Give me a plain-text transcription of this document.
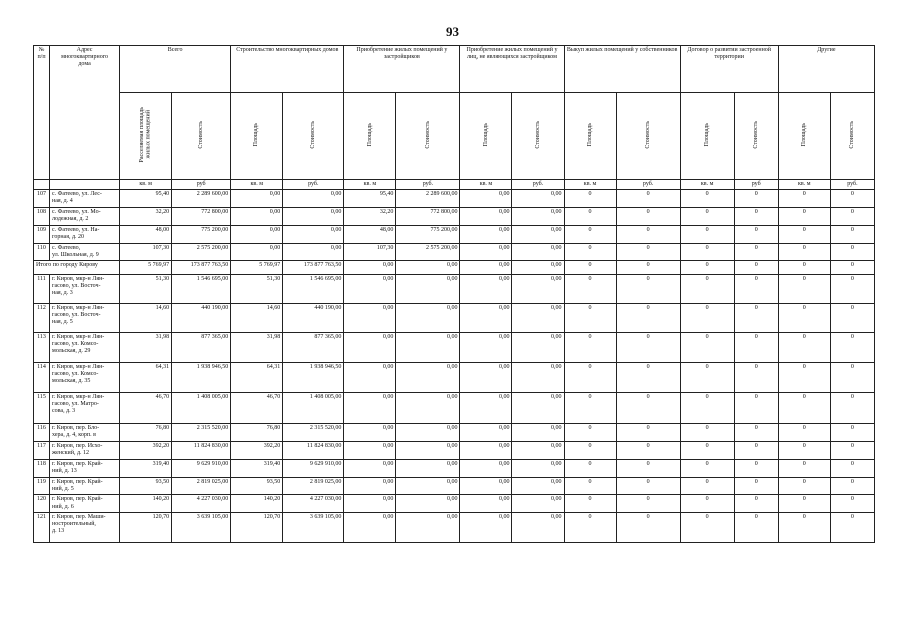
93
№
п/п	Адрес
многоквартирного
дома	Всего		Строительство многоквартирных домов		Приобретение жилых помещений у застройщиков		Приобретение жилых помещений у лиц, не являющихся застройщиком		Выкуп жилых помещений у собственников		Договор о развитии застроенной территории		Другие	
		Расселяемая площадь
жилых помещений	Стоимость	Площадь	Стоимость	Площадь	Стоимость	Площадь	Стоимость	Площадь	Стоимость	Площадь	Стоимость	Площадь	Стоимость
		кв. м	руб	кв. м	руб.	кв. м	руб.	кв. м	руб.	кв. м	руб.	кв. м	руб	кв. м	руб.
107	с. Фатеево, ул. Лес-
ная, д. 4	95,40	2 289 600,00	0,00	0,00	95,40	2 289 600,00	0,00	0,00	0	0	0	0	0	0
108	с. Фатеево, ул. Мо-
лодежная, д. 2	32,20	772 800,00	0,00	0,00	32,20	772 800,00	0,00	0,00	0	0	0	0	0	0
109	с. Фатеево, ул. На-
горная, д. 20	48,00	775 200,00	0,00	0,00	48,00	775 200,00	0,00	0,00	0	0	0	0	0	0
110	с. Фатеево,
ул. Школьная, д. 9	107,30	2 575 200,00	0,00	0,00	107,30	2 575 200,00	0,00	0,00	0	0	0	0	0	0
Итого по городу Кирову		5 769,97	173 877 763,50	5 769,97	173 877 763,50	0,00	0,00	0,00	0,00	0	0	0	0	0	0
111	г. Киров, мкр-н Лян-
гасово, ул. Восточ-
ная, д. 3	51,30	1 546 695,00	51,30	1 546 695,00	0,00	0,00	0,00	0,00	0	0	0	0	0	0
112	г. Киров, мкр-н Лян-
гасово, ул. Восточ-
ная, д. 5	14,60	440 190,00	14,60	440 190,00	0,00	0,00	0,00	0,00	0	0	0	0	0	0
113	г. Киров, мкр-н Лян-
гасово, ул. Комсо-
мольская, д. 29	31,98	877 365,00	31,98	877 365,00	0,00	0,00	0,00	0,00	0	0	0	0	0	0
114	г. Киров, мкр-н Лян-
гасово, ул. Комсо-
мольская, д. 35	64,31	1 938 946,50	64,31	1 938 946,50	0,00	0,00	0,00	0,00	0	0	0	0	0	0
115	г. Киров, мкр-н Лян-
гасово, ул. Матро-
сова, д. 3	46,70	1 408 005,00	46,70	1 408 005,00	0,00	0,00	0,00	0,00	0	0	0	0	0	0
116	г. Киров, пер. Бло-
хера, д. 4, корп. в	76,80	2 315 520,00	76,80	2 315 520,00	0,00	0,00	0,00	0,00	0	0	0	0	0	0
117	г. Киров, пер. Исхо-
женский, д. 12	392,20	11 824 830,00	392,20	11 824 830,00	0,00	0,00	0,00	0,00	0	0	0	0	0	0
118	г. Киров, пер. Край-
ний, д. 13	319,40	9 629 910,00	319,40	9 629 910,00	0,00	0,00	0,00	0,00	0	0	0	0	0	0
119	г. Киров, пер. Край-
ний, д. 5	93,50	2 819 025,00	93,50	2 819 025,00	0,00	0,00	0,00	0,00	0	0	0	0	0	0
120	г. Киров, пер. Край-
ний, д. 6	140,20	4 227 030,00	140,20	4 227 030,00	0,00	0,00	0,00	0,00	0	0	0	0	0	0
121	г. Киров, пер. Маши-
ностроительный,
д. 13	120,70	3 639 105,00	120,70	3 639 105,00	0,00	0,00	0,00	0,00	0	0	0	0	0	0
